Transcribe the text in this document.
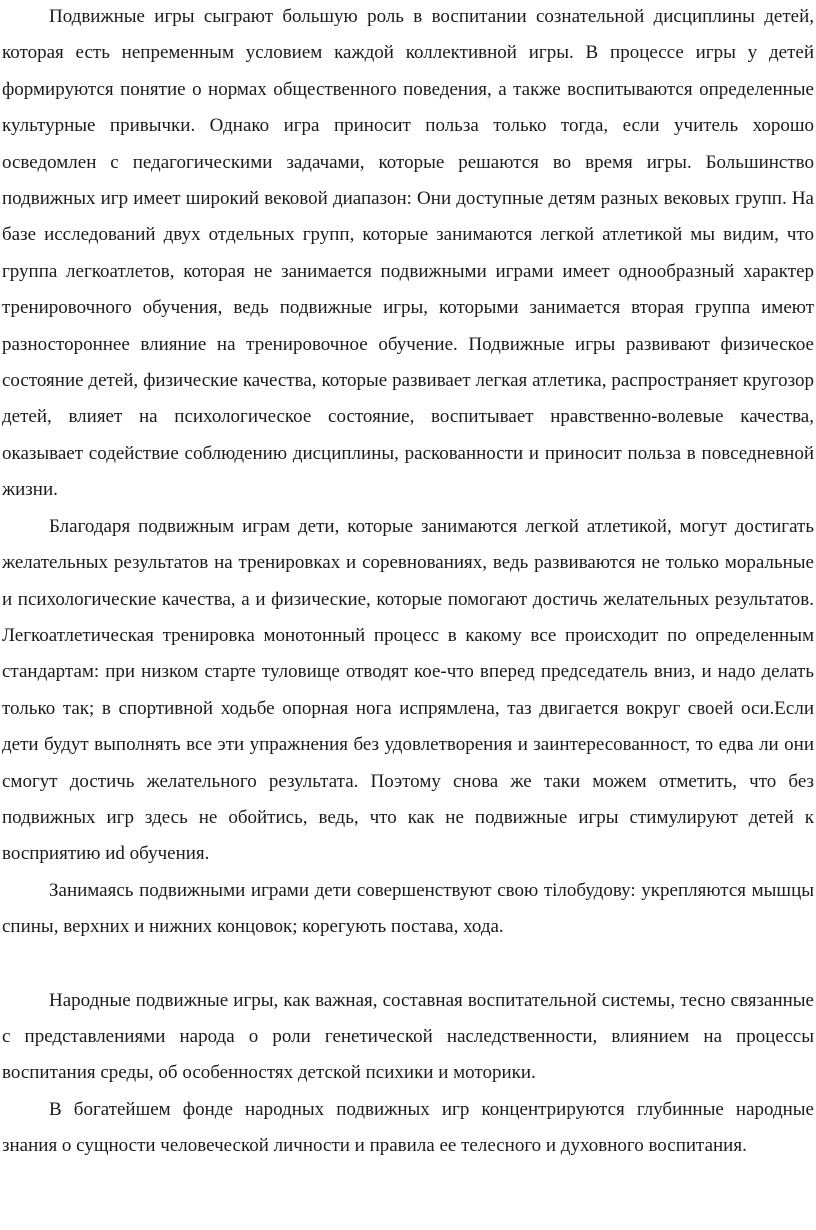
Подвижные игры сыграют большую роль в воспитании сознательной дисциплины детей, которая есть непременным условием каждой коллективной игры. В процессе игры у детей формируются понятие о нормах общественного поведения, а также воспитываются определенные культурные привычки. Однако игра приносит польза только тогда, если учитель хорошо осведомлен с педагогическими задачами, которые решаются во время игры. Большинство подвижных игр имеет широкий вековой диапазон: Они доступные детям разных вековых групп. На базе исследований двух отдельных групп, которые занимаются легкой атлетикой мы видим, что группа легкоатлетов, которая не занимается подвижными играми имеет однообразный характер тренировочного обучения, ведь подвижные игры, которыми занимается вторая группа имеют разностороннее влияние на тренировочное обучение. Подвижные игры развивают физическое состояние детей, физические качества, которые развивает легкая атлетика, распространяет кругозор детей, влияет на психологическое состояние, воспитывает нравственно-волевые качества, оказывает содействие соблюдению дисциплины, раскованности и приносит польза в повседневной жизни.

Благодаря подвижным играм дети, которые занимаются легкой атлетикой, могут достигать желательных результатов на тренировках и соревнованиях, ведь развиваются не только моральные и психологические качества, а и физические, которые помогают достичь желательных результатов. Легкоатлетическая тренировка монотонный процесс в какому все происходит по определенным стандартам: при низком старте туловище отводят кое-что вперед председатель вниз, и надо делать только так; в спортивной ходьбе опорная нога испрямлена, таз двигается вокруг своей оси.Если дети будут выполнять все эти упражнения без удовлетворения и заинтересованност, то едва ли они смогут достичь желательного результата. Поэтому снова же таки можем отметить, что без подвижных игр здесь не обойтись, ведь, что как не подвижные игры стимулируют детей к восприятию иd обучения.

Занимаясь подвижными играми дети совершенствуют свою тiлобудову: укрепляются мышцы спины, верхних и нижних концовок; корегують постава, хода.

Народные подвижные игры, как важная, составная воспитательной системы, тесно связанные с представлениями народа о роли генетической наследственности, влиянием на процессы воспитания среды, об особенностях детской психики и моторики.

В богатейшем фонде народных подвижных игр концентрируются глубинные народные знания о сущности человеческой личности и правила ее телесного и духовного воспитания.
